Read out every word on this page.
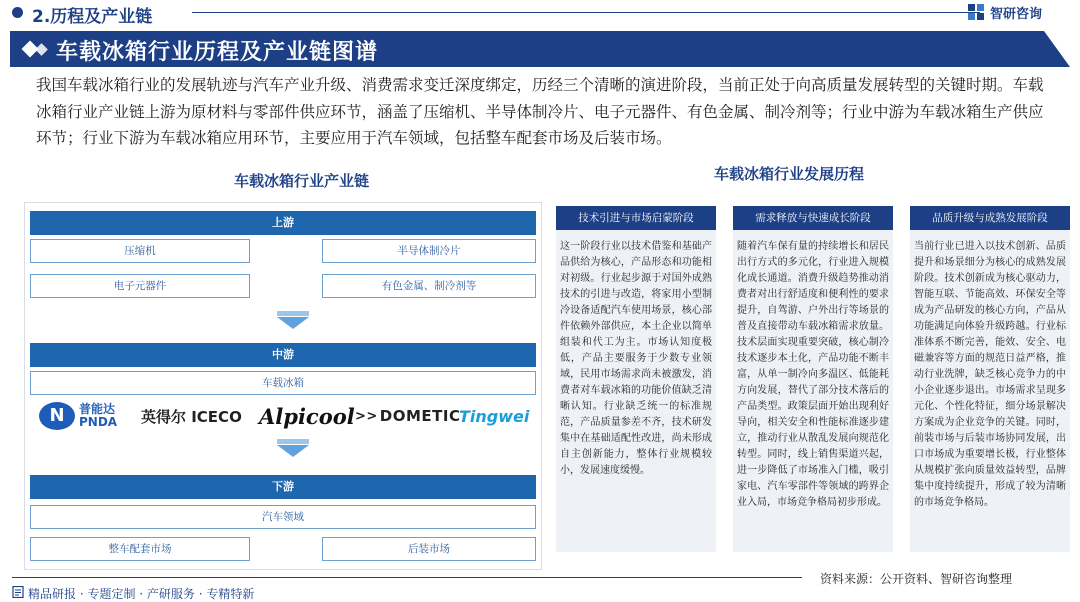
2.历程及产业链	智研咨询
车载冰箱行业历程及产业链图谱
我国车载冰箱行业的发展轨迹与汽车产业升级、消费需求变迁深度绑定，历经三个清晰的演进阶段，当前正处于向高质量发展转型的关键时期。车载冰箱行业产业链上游为原材料与零部件供应环节，涵盖了压缩机、半导体制冷片、电子元器件、有色金属、制冷剂等；行业中游为车载冰箱生产供应环节；行业下游为车载冰箱应用环节，主要应用于汽车领域，包括整车配套市场及后装市场。
车载冰箱行业产业链	车载冰箱行业发展历程
上游
压缩机	半导体制冷片
电子元器件	有色金属、制冷剂等
中游
车载冰箱
N	普能达
PNDA 英得尔 ICECO Alpicool >> DOMETIC
Tingwei
下游
汽车领域
整车配套市场	后装市场
技术引进与市场启蒙阶段
这一阶段行业以技术借鉴和基础产品供给为核心，产品形态和功能相对初级。行业起步源于对国外成熟技术的引进与改造，将家用小型制冷设备适配汽车使用场景，核心部件依赖外部供应，本土企业以简单组装和代工为主。市场认知度极低，产品主要服务于少数专业领域，民用市场需求尚未被激发，消费者对车载冰箱的功能价值缺乏清晰认知。行业缺乏统一的标准规范，产品质量参差不齐，技术研发集中在基础适配性改进，尚未形成自主创新能力，整体行业规模较小，发展速度缓慢。
需求释放与快速成长阶段
随着汽车保有量的持续增长和居民出行方式的多元化，行业进入规模化成长通道。消费升级趋势推动消费者对出行舒适度和便利性的要求提升，自驾游、户外出行等场景的普及直接带动车载冰箱需求放量。技术层面实现重要突破，核心制冷技术逐步本土化，产品功能不断丰富，从单一制冷向多温区、低能耗方向发展，替代了部分技术落后的产品类型。政策层面开始出现利好导向，相关安全和性能标准逐步建立，推动行业从散乱发展向规范化转型。同时，线上销售渠道兴起，进一步降低了市场准入门槛，吸引家电、汽车零部件等领域的跨界企业入局，市场竞争格局初步形成。
品质升级与成熟发展阶段
当前行业已进入以技术创新、品质提升和场景细分为核心的成熟发展阶段。技术创新成为核心驱动力，智能互联、节能高效、环保安全等成为产品研发的核心方向，产品从功能满足向体验升级跨越。行业标准体系不断完善，能效、安全、电磁兼容等方面的规范日益严格，推动行业洗牌，缺乏核心竞争力的中小企业逐步退出。市场需求呈现多元化、个性化特征，细分场景解决方案成为企业竞争的关键。同时，前装市场与后装市场协同发展，出口市场成为重要增长极，行业整体从规模扩张向质量效益转型，品牌集中度持续提升，形成了较为清晰的市场竞争格局。
资料来源：公开资料、智研咨询整理
精品研报 · 专题定制 · 产研服务 · 专精特新
